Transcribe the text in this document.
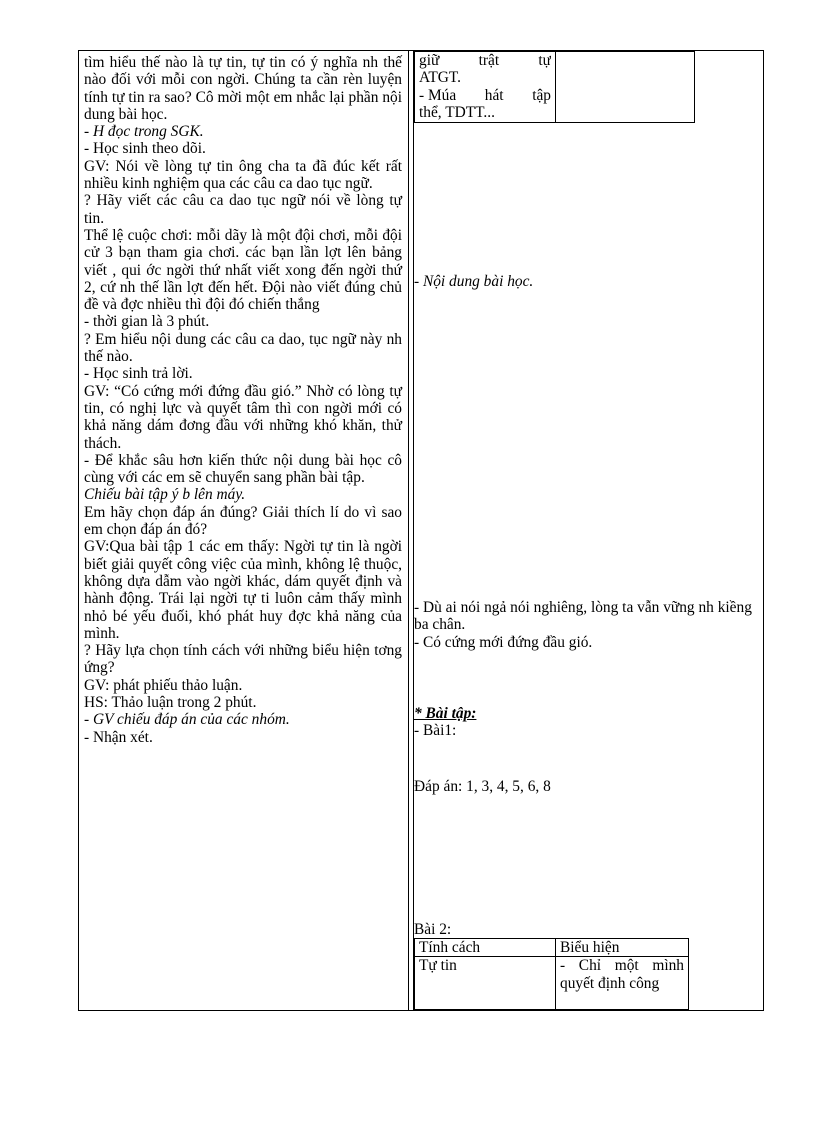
tìm hiểu thế nào là tự tin, tự tin có ý nghĩa nh thế nào đối với mỗi con ngời. Chúng ta cần rèn luyện tính tự tin ra sao? Cô mời một em nhắc lại phần nội dung bài học.

- H đọc trong SGK.

- Học sinh theo dõi.

GV: Nói về lòng tự tin ông cha ta đã đúc kết rất nhiều kinh nghiệm qua các câu ca dao tục ngữ.

? Hãy viết các câu ca dao tục ngữ nói về lòng tự tin.

Thể lệ cuộc chơi: mỗi dãy là một đội chơi, mỗi đội cử 3 bạn tham gia chơi. các bạn lần lợt lên bảng viết , qui ớc ngời thứ nhất viết xong đến ngời thứ 2, cứ nh thế lần lợt đến hết. Đội nào viết đúng chủ đề và đợc nhiều thì đội đó chiến thắng

- thời gian là 3 phút.

? Em hiểu nội dung các câu ca dao, tục ngữ này nh thế nào.

- Học sinh trả lời.

GV: “Có cứng mới đứng đầu gió.” Nhờ có lòng tự tin, có nghị lực và quyết tâm thì con ngời mới có khả năng dám đơng đầu với những khó khăn, thử thách.

- Để khắc sâu hơn kiến thức nội dung bài học cô cùng với các em sẽ chuyển sang phần bài tập.

Chiếu bài tập ý b lên máy.

Em hãy chọn đáp án đúng? Giải thích lí do vì sao em chọn đáp án đó?

GV:Qua bài tập 1 các em thấy: Ngời tự tin là ngời biết giải quyết công việc của mình, không lệ thuộc, không dựa dẫm vào ngời khác, dám quyết định và hành động. Trái lại ngời tự ti luôn cảm thấy mình nhỏ bé yếu đuối, khó phát huy đợc khả năng của mình.

? Hãy lựa chọn tính cách với những biểu hiện tơng ứng?

GV: phát phiếu thảo luận.

HS: Thảo luận trong 2 phút.

- GV chiếu đáp án của các nhóm.

- Nhận xét.

giữ	trật	tự
ATGT.
- Múa hát tập
thể, TDTT...

- Nội dung bài học.

- Dù ai nói ngả nói nghiêng, lòng ta vẫn vững nh kiềng ba chân.

- Có cứng mới đứng đầu gió.

* Bài tập:

- Bài1:

Đáp án: 1, 3, 4, 5, 6, 8
Bài 2:
Tính cách	Biểu hiện

Tự tin	- Chỉ một mình quyết định công
